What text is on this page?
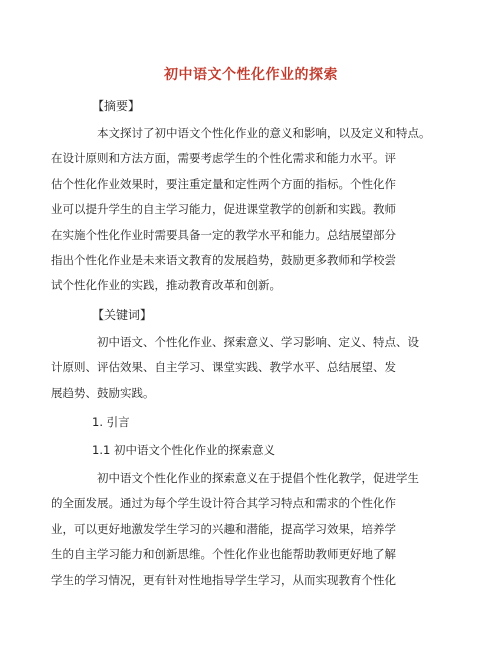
初中语文个性化作业的探索
【摘要】
本文探讨了初中语文个性化作业的意义和影响，以及定义和特点。
在设计原则和方法方面，需要考虑学生的个性化需求和能力水平。评
估个性化作业效果时，要注重定量和定性两个方面的指标。个性化作
业可以提升学生的自主学习能力，促进课堂教学的创新和实践。教师
在实施个性化作业时需要具备一定的教学水平和能力。总结展望部分
指出个性化作业是未来语文教育的发展趋势，鼓励更多教师和学校尝
试个性化作业的实践，推动教育改革和创新。
【关键词】
初中语文、个性化作业、探索意义、学习影响、定义、特点、设
计原则、评估效果、自主学习、课堂实践、教学水平、总结展望、发
展趋势、鼓励实践。
1. 引言
1.1 初中语文个性化作业的探索意义
初中语文个性化作业的探索意义在于提倡个性化教学，促进学生
的全面发展。通过为每个学生设计符合其学习特点和需求的个性化作
业，可以更好地激发学生学习的兴趣和潜能，提高学习效果，培养学
生的自主学习能力和创新思维。个性化作业也能帮助教师更好地了解
学生的学习情况，更有针对性地指导学生学习，从而实现教育个性化
